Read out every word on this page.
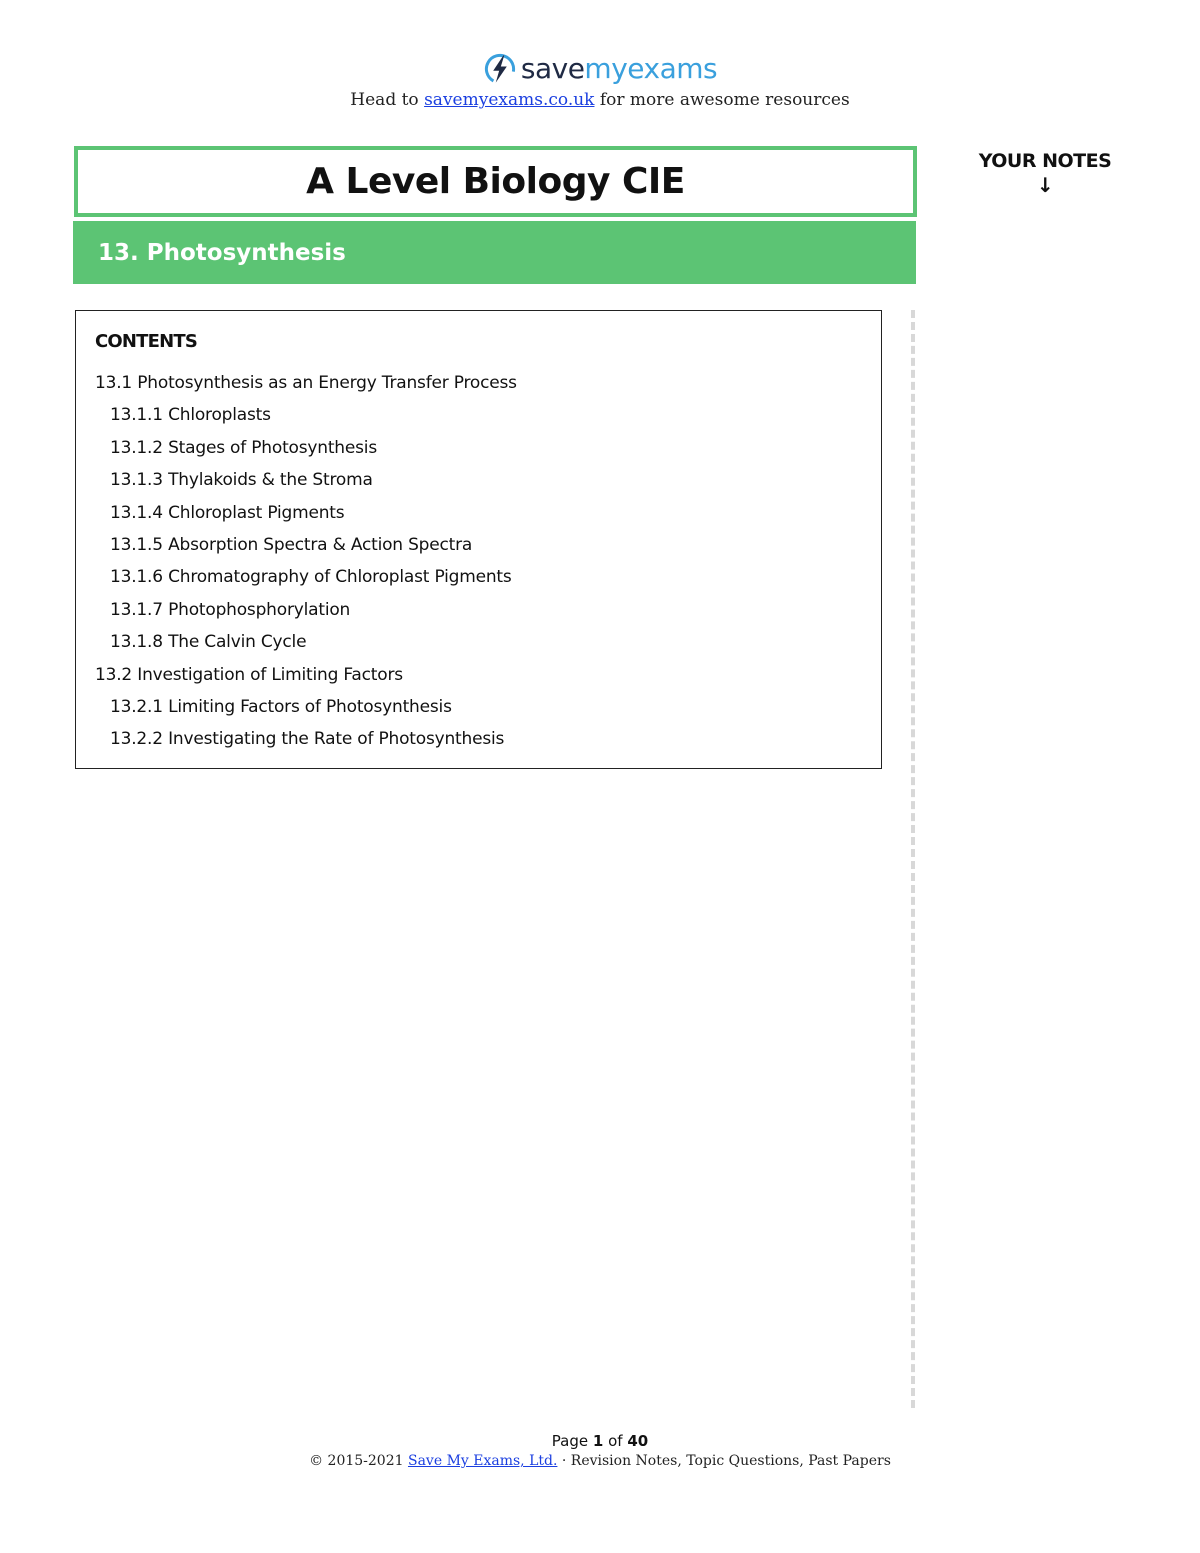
savemyexams
Head to savemyexams.co.uk for more awesome resources
A Level Biology CIE
13. Photosynthesis
YOUR NOTES
↓
CONTENTS
13.1 Photosynthesis as an Energy Transfer Process
13.1.1 Chloroplasts
13.1.2 Stages of Photosynthesis
13.1.3 Thylakoids & the Stroma
13.1.4 Chloroplast Pigments
13.1.5 Absorption Spectra & Action Spectra
13.1.6 Chromatography of Chloroplast Pigments
13.1.7 Photophosphorylation
13.1.8 The Calvin Cycle
13.2 Investigation of Limiting Factors
13.2.1 Limiting Factors of Photosynthesis
13.2.2 Investigating the Rate of Photosynthesis
Page 1 of 40
© 2015-2021 Save My Exams, Ltd. · Revision Notes, Topic Questions, Past Papers
